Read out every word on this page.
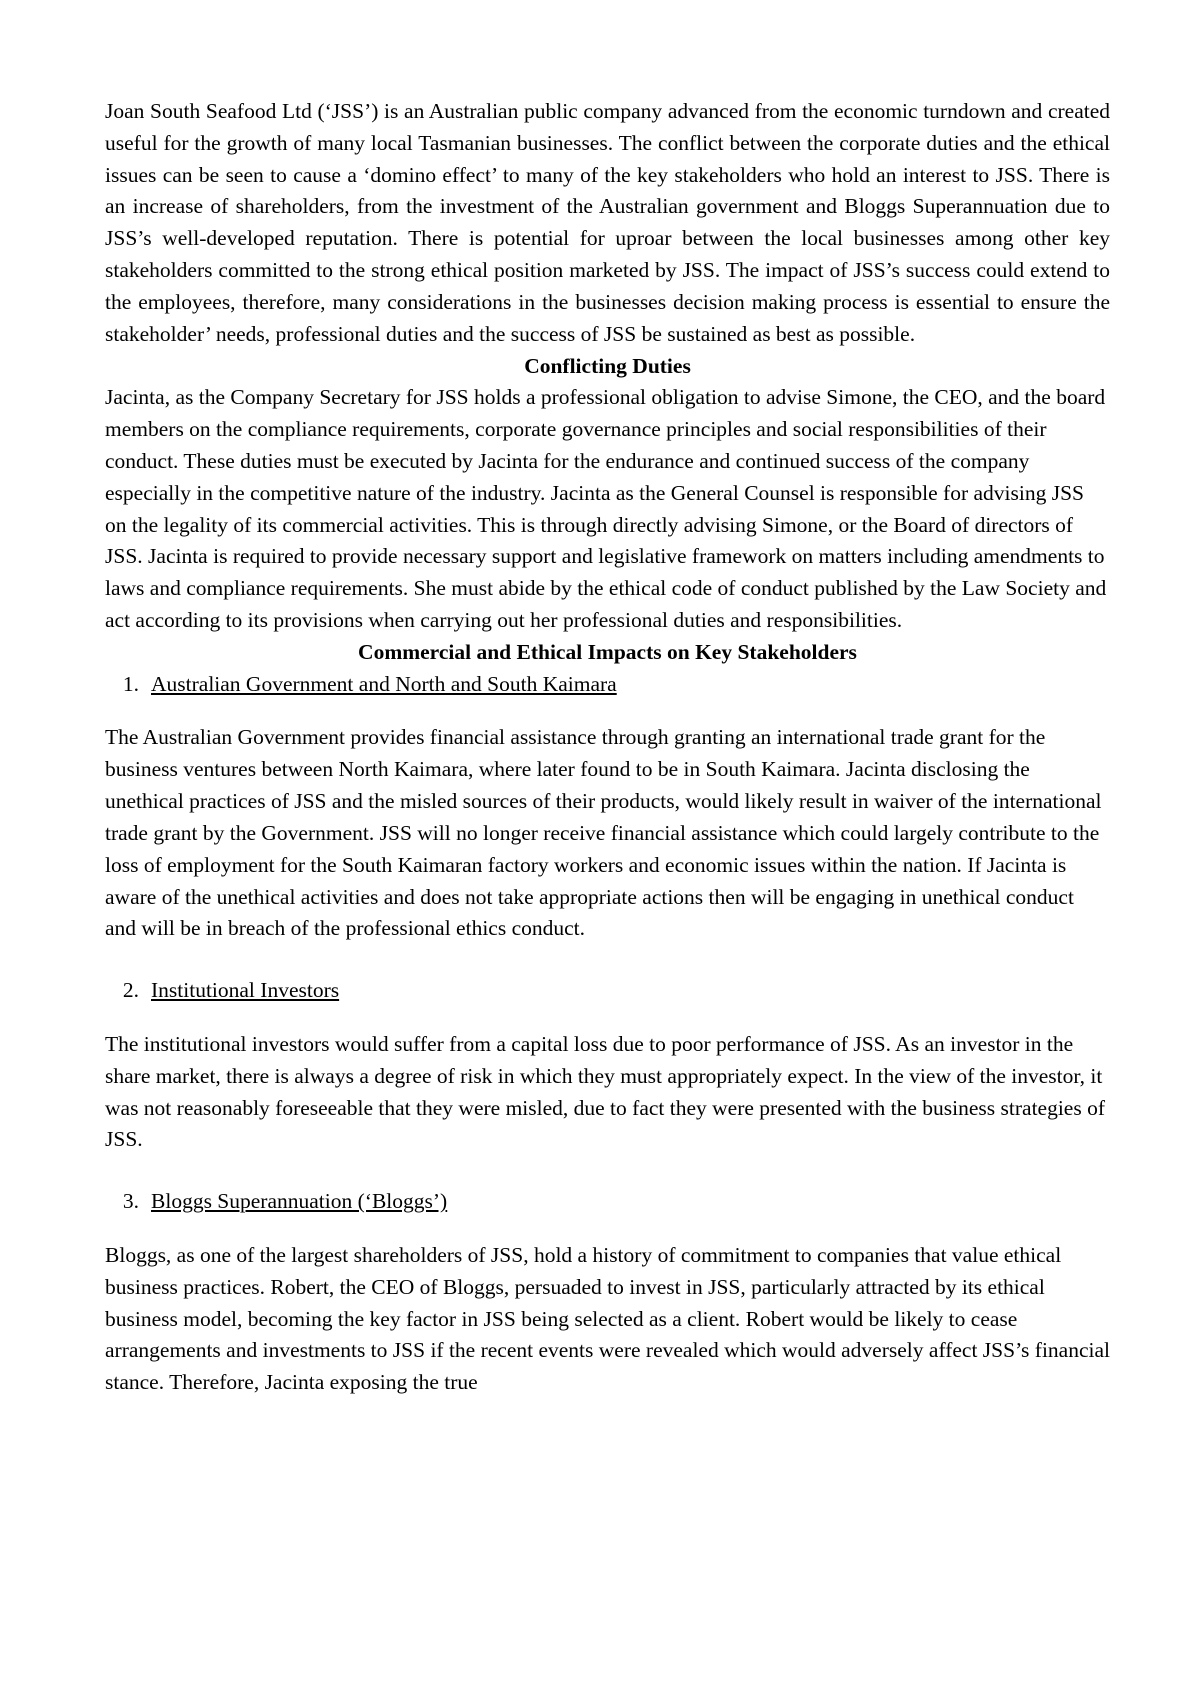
Joan South Seafood Ltd (‘JSS’) is an Australian public company advanced from the economic turndown and created useful for the growth of many local Tasmanian businesses. The conflict between the corporate duties and the ethical issues can be seen to cause a ‘domino effect’ to many of the key stakeholders who hold an interest to JSS. There is an increase of shareholders, from the investment of the Australian government and Bloggs Superannuation due to JSS’s well-developed reputation. There is potential for uproar between the local businesses among other key stakeholders committed to the strong ethical position marketed by JSS. The impact of JSS’s success could extend to the employees, therefore, many considerations in the businesses decision making process is essential to ensure the stakeholder’ needs, professional duties and the success of JSS be sustained as best as possible.

Conflicting Duties

Jacinta, as the Company Secretary for JSS holds a professional obligation to advise Simone, the CEO, and the board members on the compliance requirements, corporate governance principles and social responsibilities of their conduct. These duties must be executed by Jacinta for the endurance and continued success of the company especially in the competitive nature of the industry. Jacinta as the General Counsel is responsible for advising JSS on the legality of its commercial activities. This is through directly advising Simone, or the Board of directors of JSS. Jacinta is required to provide necessary support and legislative framework on matters including amendments to laws and compliance requirements. She must abide by the ethical code of conduct published by the Law Society and act according to its provisions when carrying out her professional duties and responsibilities.

Commercial and Ethical Impacts on Key Stakeholders
1. Australian Government and North and South Kaimara

The Australian Government provides financial assistance through granting an international trade grant for the business ventures between North Kaimara, where later found to be in South Kaimara. Jacinta disclosing the unethical practices of JSS and the misled sources of their products, would likely result in waiver of the international trade grant by the Government. JSS will no longer receive financial assistance which could largely contribute to the loss of employment for the South Kaimaran factory workers and economic issues within the nation. If Jacinta is aware of the unethical activities and does not take appropriate actions then will be engaging in unethical conduct and will be in breach of the professional ethics conduct.

2. Institutional Investors

The institutional investors would suffer from a capital loss due to poor performance of JSS. As an investor in the share market, there is always a degree of risk in which they must appropriately expect. In the view of the investor, it was not reasonably foreseeable that they were misled, due to fact they were presented with the business strategies of JSS.

3. Bloggs Superannuation (‘Bloggs’)

Bloggs, as one of the largest shareholders of JSS, hold a history of commitment to companies that value ethical business practices. Robert, the CEO of Bloggs, persuaded to invest in JSS, particularly attracted by its ethical business model, becoming the key factor in JSS being selected as a client. Robert would be likely to cease arrangements and investments to JSS if the recent events were revealed which would adversely affect JSS’s financial stance. Therefore, Jacinta exposing the true
